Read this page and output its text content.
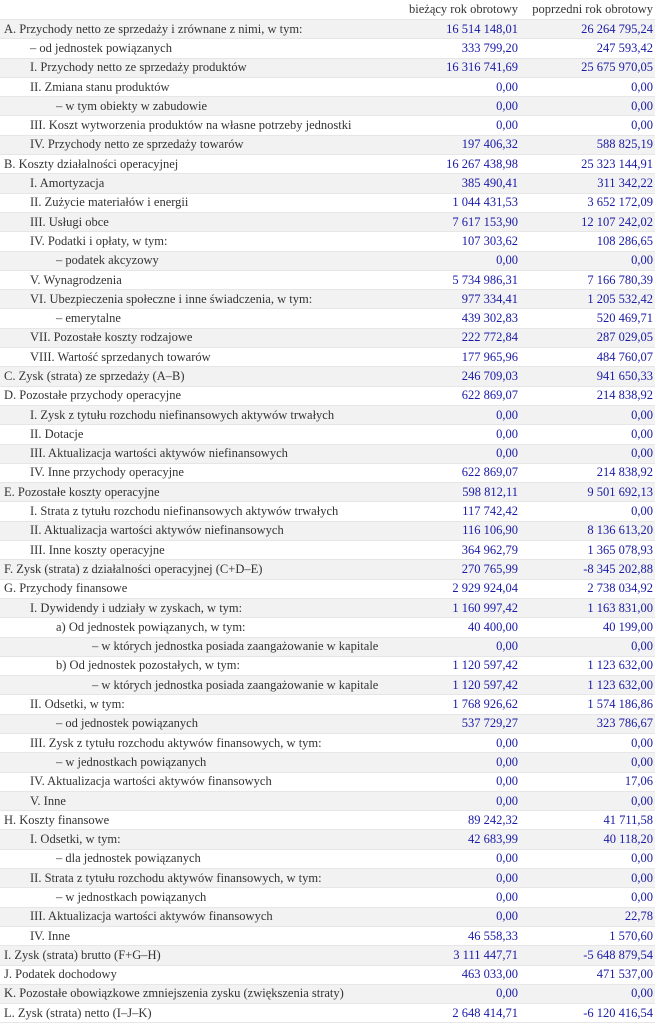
	bieżący rok obrotowy	poprzedni rok obrotowy
A. Przychody netto ze sprzedaży i zrównane z nimi, w tym:	16 514 148,01	26 264 795,24
– od jednostek powiązanych	333 799,20	247 593,42
I. Przychody netto ze sprzedaży produktów	16 316 741,69	25 675 970,05
II. Zmiana stanu produktów	0,00	0,00
– w tym obiekty w zabudowie	0,00	0,00
III. Koszt wytworzenia produktów na własne potrzeby jednostki	0,00	0,00
IV. Przychody netto ze sprzedaży towarów	197 406,32	588 825,19
B. Koszty działalności operacyjnej	16 267 438,98	25 323 144,91
I. Amortyzacja	385 490,41	311 342,22
II. Zużycie materiałów i energii	1 044 431,53	3 652 172,09
III. Usługi obce	7 617 153,90	12 107 242,02
IV. Podatki i opłaty, w tym:	107 303,62	108 286,65
– podatek akcyzowy	0,00	0,00
V. Wynagrodzenia	5 734 986,31	7 166 780,39
VI. Ubezpieczenia społeczne i inne świadczenia, w tym:	977 334,41	1 205 532,42
– emerytalne	439 302,83	520 469,71
VII. Pozostałe koszty rodzajowe	222 772,84	287 029,05
VIII. Wartość sprzedanych towarów	177 965,96	484 760,07
C. Zysk (strata) ze sprzedaży (A–B)	246 709,03	941 650,33
D. Pozostałe przychody operacyjne	622 869,07	214 838,92
I. Zysk z tytułu rozchodu niefinansowych aktywów trwałych	0,00	0,00
II. Dotacje	0,00	0,00
III. Aktualizacja wartości aktywów niefinansowych	0,00	0,00
IV. Inne przychody operacyjne	622 869,07	214 838,92
E. Pozostałe koszty operacyjne	598 812,11	9 501 692,13
I. Strata z tytułu rozchodu niefinansowych aktywów trwałych	117 742,42	0,00
II. Aktualizacja wartości aktywów niefinansowych	116 106,90	8 136 613,20
III. Inne koszty operacyjne	364 962,79	1 365 078,93
F. Zysk (strata) z działalności operacyjnej (C+D–E)	270 765,99	-8 345 202,88
G. Przychody finansowe	2 929 924,04	2 738 034,92
I. Dywidendy i udziały w zyskach, w tym:	1 160 997,42	1 163 831,00
a) Od jednostek powiązanych, w tym:	40 400,00	40 199,00
– w których jednostka posiada zaangażowanie w kapitale	0,00	0,00
b) Od jednostek pozostałych, w tym:	1 120 597,42	1 123 632,00
– w których jednostka posiada zaangażowanie w kapitale	1 120 597,42	1 123 632,00
II. Odsetki, w tym:	1 768 926,62	1 574 186,86
– od jednostek powiązanych	537 729,27	323 786,67
III. Zysk z tytułu rozchodu aktywów finansowych, w tym:	0,00	0,00
– w jednostkach powiązanych	0,00	0,00
IV. Aktualizacja wartości aktywów finansowych	0,00	17,06
V. Inne	0,00	0,00
H. Koszty finansowe	89 242,32	41 711,58
I. Odsetki, w tym:	42 683,99	40 118,20
– dla jednostek powiązanych	0,00	0,00
II. Strata z tytułu rozchodu aktywów finansowych, w tym:	0,00	0,00
– w jednostkach powiązanych	0,00	0,00
III. Aktualizacja wartości aktywów finansowych	0,00	22,78
IV. Inne	46 558,33	1 570,60
I. Zysk (strata) brutto (F+G–H)	3 111 447,71	-5 648 879,54
J. Podatek dochodowy	463 033,00	471 537,00
K. Pozostałe obowiązkowe zmniejszenia zysku (zwiększenia straty)	0,00	0,00
L. Zysk (strata) netto (I–J–K)	2 648 414,71	-6 120 416,54
